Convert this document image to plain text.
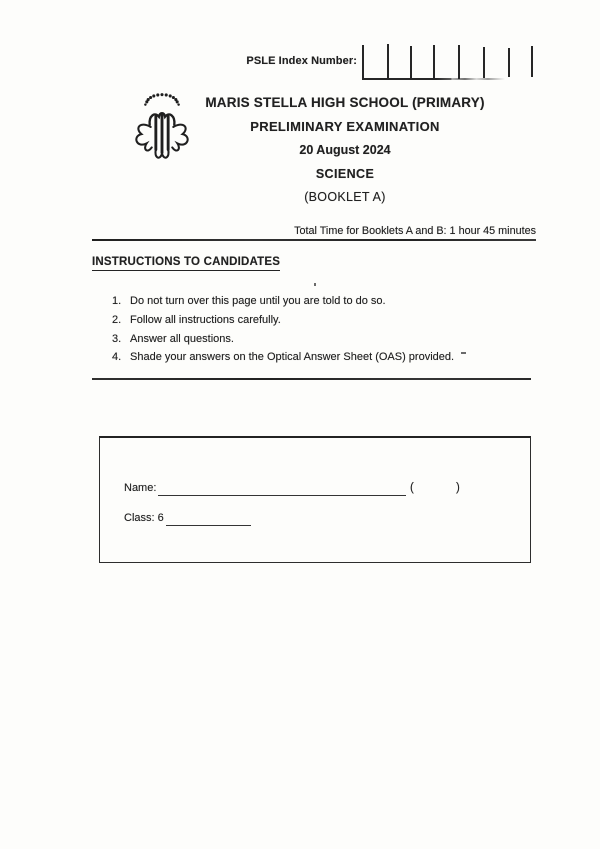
PSLE Index Number:
MARIS STELLA HIGH SCHOOL (PRIMARY)
PRELIMINARY EXAMINATION
20 August 2024
SCIENCE
(BOOKLET A)
Total Time for Booklets A and B: 1 hour 45 minutes
INSTRUCTIONS TO CANDIDATES
1. Do not turn over this page until you are told to do so.
2. Follow all instructions carefully.
3. Answer all questions.
4. Shade your answers on the Optical Answer Sheet (OAS) provided.
Name:	(	)
Class: 6
